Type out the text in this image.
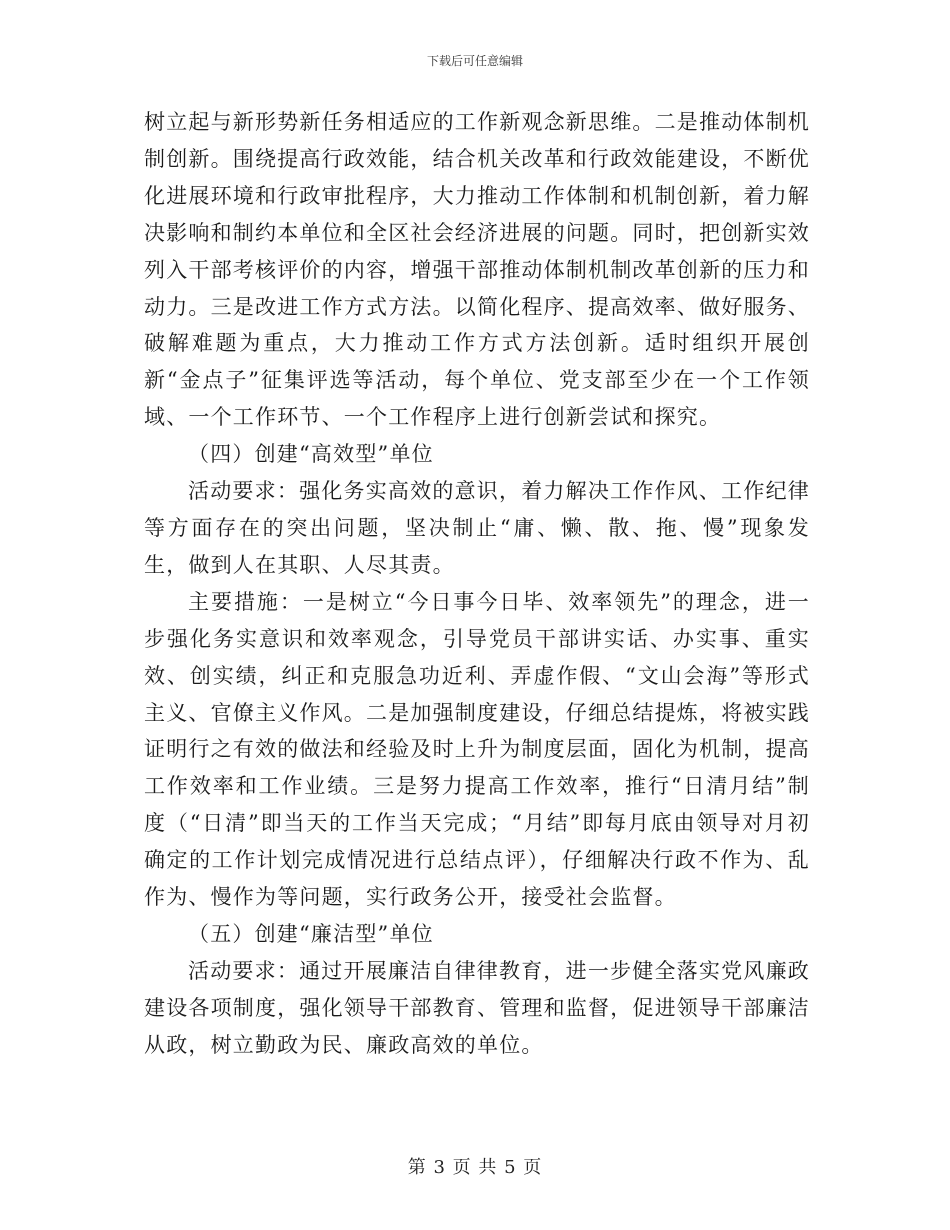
下载后可任意编辑

树立起与新形势新任务相适应的工作新观念新思维。二是推动体制机制创新。围绕提高行政效能，结合机关改革和行政效能建设，不断优化进展环境和行政审批程序，大力推动工作体制和机制创新，着力解决影响和制约本单位和全区社会经济进展的问题。同时，把创新实效列入干部考核评价的内容，增强干部推动体制机制改革创新的压力和动力。三是改进工作方式方法。以简化程序、提高效率、做好服务、破解难题为重点，大力推动工作方式方法创新。适时组织开展创新“金点子”征集评选等活动，每个单位、党支部至少在一个工作领域、一个工作环节、一个工作程序上进行创新尝试和探究。

（四）创建“高效型”单位

活动要求：强化务实高效的意识，着力解决工作作风、工作纪律等方面存在的突出问题，坚决制止“庸、懒、散、拖、慢”现象发生，做到人在其职、人尽其责。

主要措施：一是树立“今日事今日毕、效率领先”的理念，进一步强化务实意识和效率观念，引导党员干部讲实话、办实事、重实效、创实绩，纠正和克服急功近利、弄虚作假、“文山会海”等形式主义、官僚主义作风。二是加强制度建设，仔细总结提炼，将被实践证明行之有效的做法和经验及时上升为制度层面，固化为机制，提高工作效率和工作业绩。三是努力提高工作效率，推行“日清月结”制度（“日清”即当天的工作当天完成；“月结”即每月底由领导对月初确定的工作计划完成情况进行总结点评），仔细解决行政不作为、乱作为、慢作为等问题，实行政务公开，接受社会监督。

（五）创建“廉洁型”单位

活动要求：通过开展廉洁自律律教育，进一步健全落实党风廉政建设各项制度，强化领导干部教育、管理和监督，促进领导干部廉洁从政，树立勤政为民、廉政高效的单位。

第 3 页 共 5 页
